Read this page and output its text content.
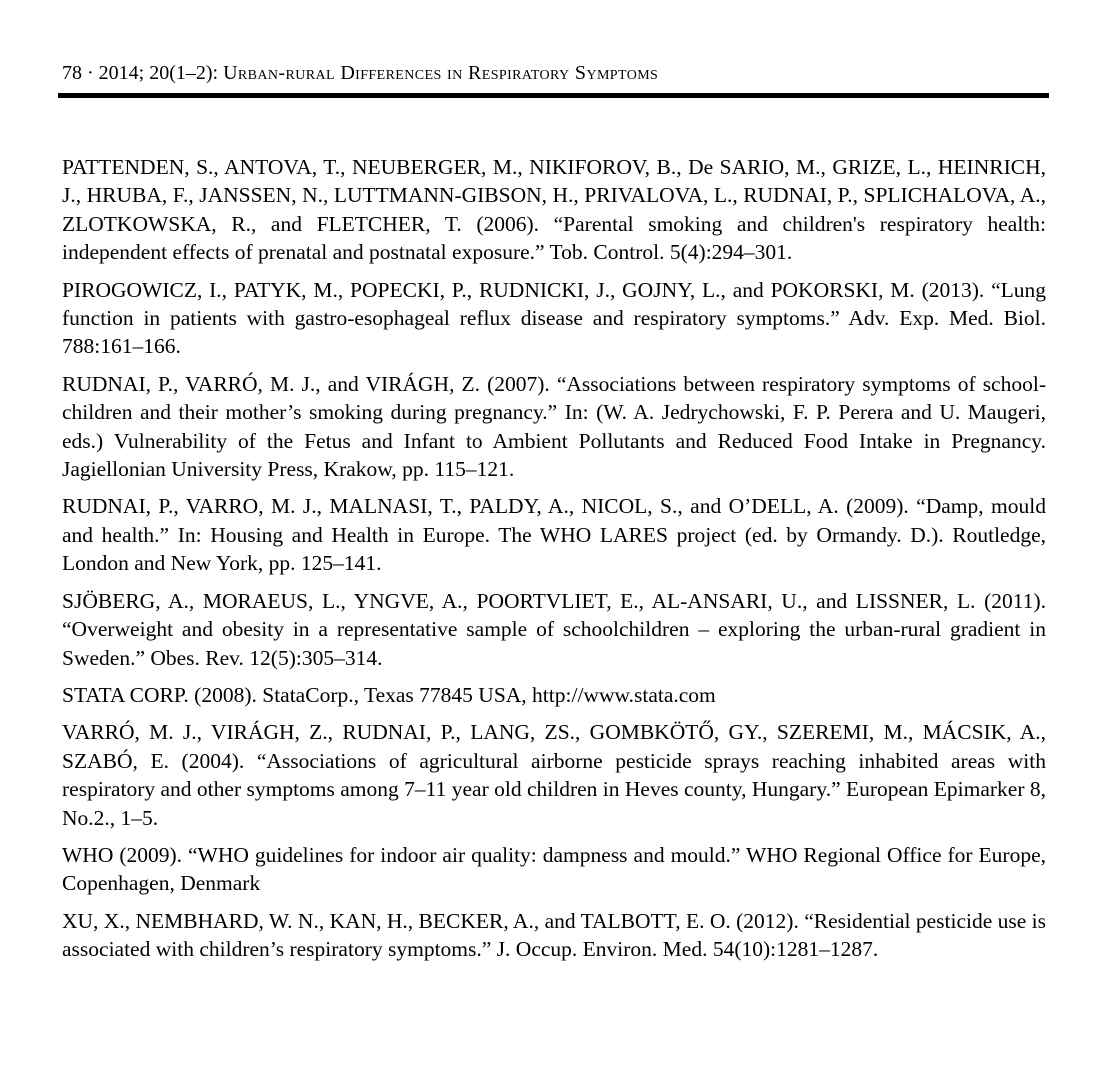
78 · 2014; 20(1–2): Urban-rural Differences in Respiratory Symptoms

PATTENDEN, S., ANTOVA, T., NEUBERGER, M., NIKIFOROV, B., De SARIO, M., GRIZE, L., HEINRICH, J., HRUBA, F., JANSSEN, N., LUTTMANN-GIBSON, H., PRIVALOVA, L., RUDNAI, P., SPLICHALOVA, A., ZLOTKOWSKA, R., and FLETCHER, T. (2006). “Parental smoking and children's respiratory health: independent effects of prenatal and postnatal exposure.” Tob. Control. 5(4):294–301.

PIROGOWICZ, I., PATYK, M., POPECKI, P., RUDNICKI, J., GOJNY, L., and POKORSKI, M. (2013). “Lung function in patients with gastro-esophageal reflux disease and respiratory symptoms.” Adv. Exp. Med. Biol. 788:161–166.

RUDNAI, P., VARRÓ, M. J., and VIRÁGH, Z. (2007). “Associations between respiratory symptoms of school-children and their mother’s smoking during pregnancy.” In: (W. A. Jedrychowski, F. P. Perera and U. Maugeri, eds.) Vulnerability of the Fetus and Infant to Ambient Pollutants and Reduced Food Intake in Pregnancy. Jagiellonian University Press, Krakow, pp. 115–121.

RUDNAI, P., VARRO, M. J., MALNASI, T., PALDY, A., NICOL, S., and O’DELL, A. (2009). “Damp, mould and health.” In: Housing and Health in Europe. The WHO LARES project (ed. by Ormandy. D.). Routledge, London and New York, pp. 125–141.

SJÖBERG, A., MORAEUS, L., YNGVE, A., POORTVLIET, E., AL-ANSARI, U., and LISSNER, L. (2011). “Overweight and obesity in a representative sample of schoolchildren – exploring the urban-rural gradient in Sweden.” Obes. Rev. 12(5):305–314.

STATA CORP. (2008). StataCorp., Texas 77845 USA, http://www.stata.com

VARRÓ, M. J., VIRÁGH, Z., RUDNAI, P., LANG, ZS., GOMBKÖTŐ, GY., SZEREMI, M., MÁCSIK, A., SZABÓ, E. (2004). “Associations of agricultural airborne pesticide sprays reaching inhabited areas with respiratory and other symptoms among 7–11 year old children in Heves county, Hungary.” European Epimarker 8, No.2., 1–5.

WHO (2009). “WHO guidelines for indoor air quality: dampness and mould.” WHO Regional Office for Europe, Copenhagen, Denmark

XU, X., NEMBHARD, W. N., KAN, H., BECKER, A., and TALBOTT, E. O. (2012). “Residential pesticide use is associated with children’s respiratory symptoms.” J. Occup. Environ. Med. 54(10):1281–1287.
